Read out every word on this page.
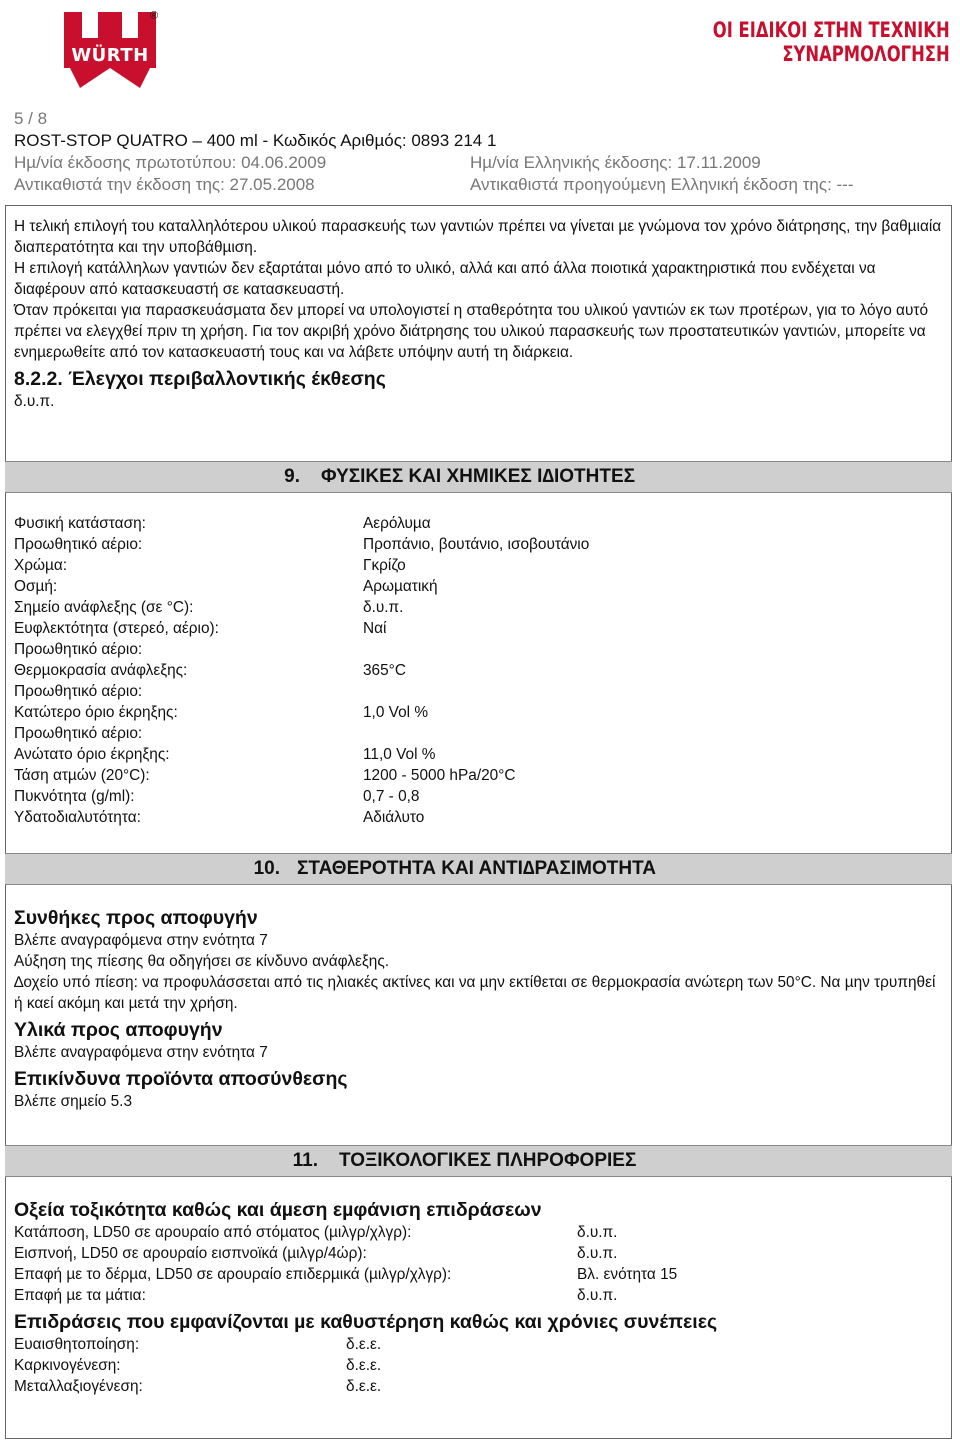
®
WÜRTH
ΟΙ ΕΙΔΙΚΟΙ ΣΤΗΝ ΤΕΧΝΙΚΗ
ΣΥΝΑΡΜΟΛΟΓΗΣΗ
5 / 8
ROST-STOP QUATRO – 400 ml - Κωδικός Αριθµός: 0893 214 1
Ηµ/νία έκδοσης πρωτοτύπου: 04.06.2009	Ηµ/νία Ελληνικής έκδοσης: 17.11.2009
Αντικαθιστά την έκδοση της: 27.05.2008	Αντικαθιστά προηγούµενη Ελληνική έκδοση της: ---

Η τελική επιλογή του καταλληλότερου υλικού παρασκευής των γαντιών πρέπει να γίνεται µε γνώµονα τον χρόνο διάτρησης, την βαθµιαία διαπερατότητα και την υποβάθµιση.

Η επιλογή κατάλληλων γαντιών δεν εξαρτάται µόνο από το υλικό, αλλά και από άλλα ποιοτικά χαρακτηριστικά που ενδέχεται να διαφέρουν από κατασκευαστή σε κατασκευαστή.

Όταν πρόκειται για παρασκευάσµατα δεν µπορεί να υπολογιστεί η σταθερότητα του υλικού γαντιών εκ των προτέρων, για το λόγο αυτό πρέπει να ελεγχθεί πριν τη χρήση. Για τον ακριβή χρόνο διάτρησης του υλικού παρασκευής των προστατευτικών γαντιών, µπορείτε να ενηµερωθείτε από τον κατασκευαστή τους και να λάβετε υπόψην αυτή τη διάρκεια.

8.2.2. Έλεγχοι περιβαλλοντικής έκθεσης

δ.υ.π.

9. ΦΥΣΙΚΕΣ ΚΑΙ ΧΗΜΙΚΕΣ Ι∆ΙΟΤΗΤΕΣ
Φυσική κατάσταση:	Αερόλυµα
Προωθητικό αέριο:	Προπάνιο, βουτάνιο, ισοβουτάνιο
Χρώµα:	Γκρίζο
Οσµή:	Αρωµατική
Σηµείο ανάφλεξης (σε °C):	δ.υ.π.
Ευφλεκτότητα (στερεό, αέριο):	Ναί
Προωθητικό αέριο:
Θερµοκρασία ανάφλεξης:	365°C
Προωθητικό αέριο:
Κατώτερο όριο έκρηξης:	1,0 Vol %
Προωθητικό αέριο:
Ανώτατο όριο έκρηξης:	11,0 Vol %
Τάση ατµών (20°C):	1200 - 5000 hPa/20°C
Πυκνότητα (g/ml):	0,7 - 0,8
Υδατοδιαλυτότητα:	Αδιάλυτο
10. ΣΤΑΘΕΡΟΤΗΤΑ ΚΑΙ ΑΝΤΙ∆ΡΑΣΙΜΟΤΗΤΑ
Συνθήκες προς αποφυγήν

Βλέπε αναγραφόµενα στην ενότητα 7

Αύξηση της πίεσης θα οδηγήσει σε κίνδυνο ανάφλεξης.

∆οχείο υπό πίεση: να προφυλάσσεται από τις ηλιακές ακτίνες και να µην εκτίθεται σε θερµοκρασία ανώτερη των 50°C. Να µην τρυπηθεί ή καεί ακόµη και µετά την χρήση.

Υλικά προς αποφυγήν

Βλέπε αναγραφόµενα στην ενότητα 7

Επικίνδυνα προϊόντα αποσύνθεσης

Βλέπε σηµείο 5.3

11. ΤΟΞΙΚΟΛΟΓΙΚΕΣ ΠΛΗΡΟΦΟΡΙΕΣ
Οξεία τοξικότητα καθώς και άµεση εµφάνιση επιδράσεων
Κατάποση, LD50 σε αρουραίο από στόµατος (µιλγρ/χλγρ):	δ.υ.π.
Εισπνοή, LD50 σε αρουραίο εισπνοϊκά (µιλγρ/4ώρ):	δ.υ.π.
Επαφή µε το δέρµα, LD50 σε αρουραίο επιδερµικά (µιλγρ/χλγρ):	Βλ. ενότητα 15
Επαφή µε τα µάτια:	δ.υ.π.
Επιδράσεις που εµφανίζονται µε καθυστέρηση καθώς και χρόνιες συνέπειες
Ευαισθητοποίηση:	δ.ε.ε.
Καρκινογένεση:	δ.ε.ε.
Μεταλλαξιογένεση:	δ.ε.ε.
